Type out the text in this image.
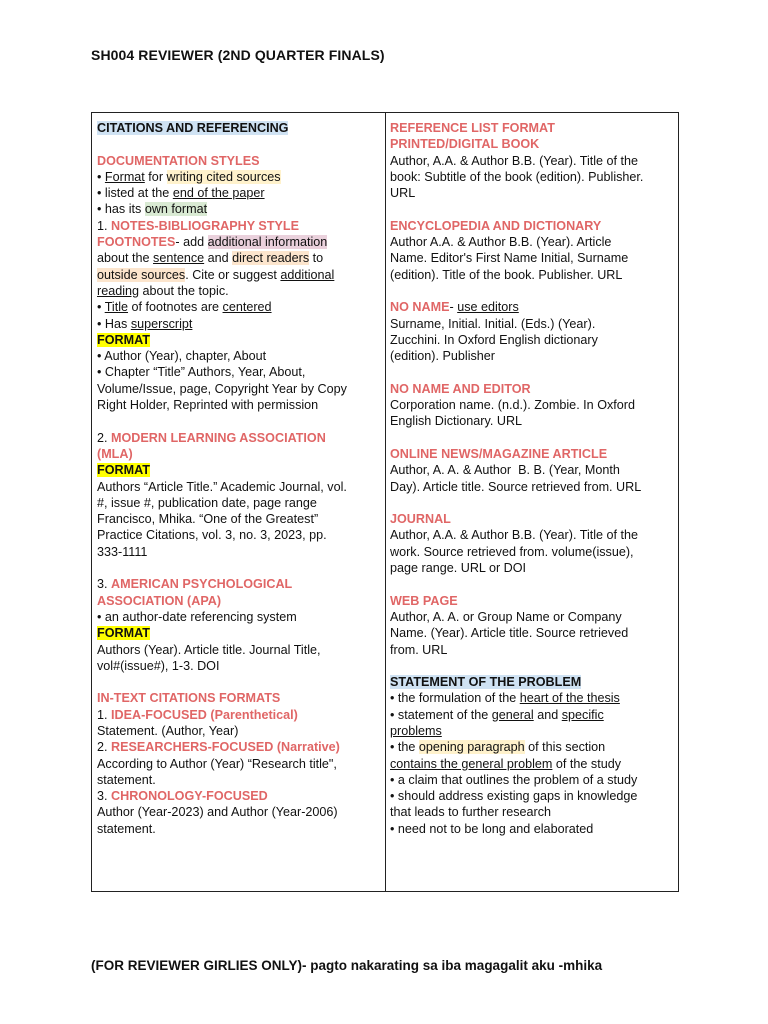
SH004 REVIEWER (2ND QUARTER FINALS)
CITATIONS AND REFERENCING
DOCUMENTATION STYLES
• Format for writing cited sources
• listed at the end of the paper
• has its own format
1. NOTES-BIBLIOGRAPHY STYLE
FOOTNOTES- add additional information
about the sentence and direct readers to
outside sources. Cite or suggest additional
reading about the topic.
• Title of footnotes are centered
• Has superscript
FORMAT
• Author (Year), chapter, About
• Chapter “Title” Authors, Year, About,
Volume/Issue, page, Copyright Year by Copy
Right Holder, Reprinted with permission
2. MODERN LEARNING ASSOCIATION
(MLA)
FORMAT
Authors “Article Title.” Academic Journal, vol.
#, issue #, publication date, page range
Francisco, Mhika. “One of the Greatest”
Practice Citations, vol. 3, no. 3, 2023, pp.
333-1111
3. AMERICAN PSYCHOLOGICAL
ASSOCIATION (APA)
• an author-date referencing system
FORMAT
Authors (Year). Article title. Journal Title,
vol#(issue#), 1-3. DOI
IN-TEXT CITATIONS FORMATS
1. IDEA-FOCUSED (Parenthetical)
Statement. (Author, Year)
2. RESEARCHERS-FOCUSED (Narrative)
According to Author (Year) “Research title",
statement.
3. CHRONOLOGY-FOCUSED
Author (Year-2023) and Author (Year-2006)
statement.
REFERENCE LIST FORMAT
PRINTED/DIGITAL BOOK
Author, A.A. & Author B.B. (Year). Title of the
book: Subtitle of the book (edition). Publisher.
URL
ENCYCLOPEDIA AND DICTIONARY
Author A.A. & Author B.B. (Year). Article
Name. Editor's First Name Initial, Surname
(edition). Title of the book. Publisher. URL
NO NAME- use editors
Surname, Initial. Initial. (Eds.) (Year).
Zucchini. In Oxford English dictionary
(edition). Publisher
NO NAME AND EDITOR
Corporation name. (n.d.). Zombie. In Oxford
English Dictionary. URL
ONLINE NEWS/MAGAZINE ARTICLE
Author, A. A. & Author  B. B. (Year, Month
Day). Article title. Source retrieved from. URL
JOURNAL
Author, A.A. & Author B.B. (Year). Title of the
work. Source retrieved from. volume(issue),
page range. URL or DOI
WEB PAGE
Author, A. A. or Group Name or Company
Name. (Year). Article title. Source retrieved
from. URL
STATEMENT OF THE PROBLEM
• the formulation of the heart of the thesis
• statement of the general and specific
problems
• the opening paragraph of this section
contains the general problem of the study
• a claim that outlines the problem of a study
• should address existing gaps in knowledge
that leads to further research
• need not to be long and elaborated
(FOR REVIEWER GIRLIES ONLY)- pagto nakarating sa iba magagalit aku -mhika
